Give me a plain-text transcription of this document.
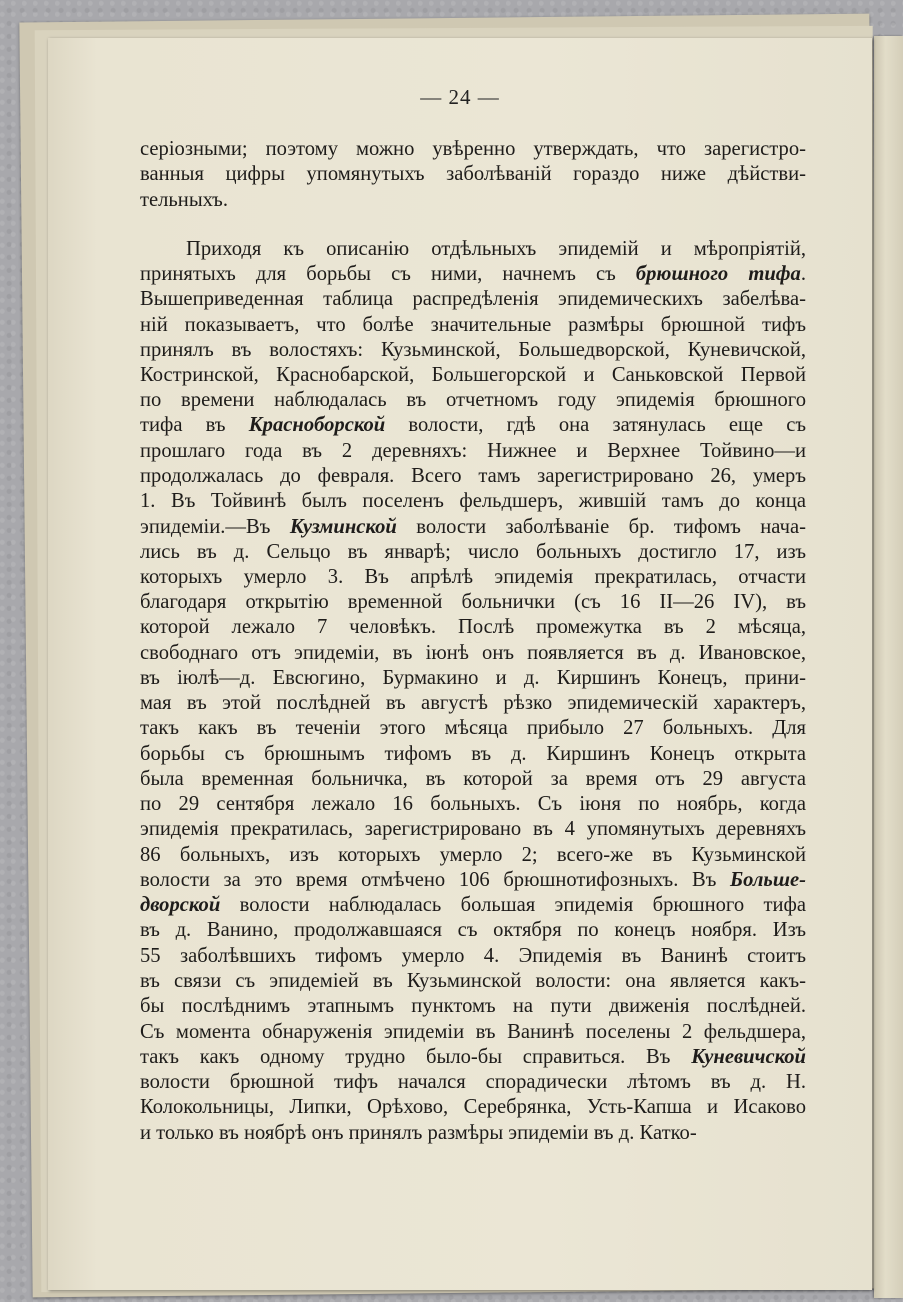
— 24 —
серіозными; поэтому можно увѣренно утверждать, что зарегистро-
ванныя цифры упомянутыхъ заболѣваній гораздо ниже дѣйстви-
тельныхъ.
Приходя къ описанію отдѣльныхъ эпидемій и мѣропріятій,
принятыхъ для борьбы съ ними, начнемъ съ брюшного тифа.
Вышеприведенная таблица распредѣленія эпидемическихъ забелѣва-
ній показываетъ, что болѣе значительные размѣры брюшной тифъ
принялъ въ волостяхъ: Кузьминской, Большедворской, Куневичской,
Костринской, Краснобарской, Большегорской и Саньковской Первой
по времени наблюдалась въ отчетномъ году эпидемія брюшного
тифа въ Краснoборской волости, гдѣ она затянулась еще съ
прошлаго года въ 2 деревняхъ: Нижнее и Верхнее Тойвино—и
продолжалась до февраля. Всего тамъ зарегистрировано 26, умеръ
1. Въ Тойвинѣ былъ поселенъ фельдшеръ, жившій тамъ до конца
эпидеміи.—Въ Кузминской волости заболѣваніе бр. тифомъ нача-
лись въ д. Сельцо въ январѣ; число больныхъ достигло 17, изъ
которыхъ умерло 3. Въ апрѣлѣ эпидемія прекратилась, отчасти
благодаря открытію временной больнички (съ 16 II—26 IV), въ
которой лежало 7 человѣкъ. Послѣ промежутка въ 2 мѣсяца,
свободнаго отъ эпидеміи, въ іюнѣ онъ появляется въ д. Ивановское,
въ іюлѣ—д. Евсюгино, Бурмакино и д. Киршинъ Конецъ, прини-
мая въ этой послѣдней въ августѣ рѣзко эпидемическій характеръ,
такъ какъ въ теченіи этого мѣсяца прибыло 27 больныхъ. Для
борьбы съ брюшнымъ тифомъ въ д. Киршинъ Конецъ открыта
была временная больничка, въ которой за время отъ 29 августа
по 29 сентября лежало 16 больныхъ. Съ іюня по ноябрь, когда
эпидемія прекратилась, зарегистрировано въ 4 упомянутыхъ деревняхъ
86 больныхъ, изъ которыхъ умерло 2; всего-же въ Кузьминской
волости за это время отмѣчено 106 брюшнотифозныхъ. Въ Больше-
дворской волости наблюдалась большая эпидемія брюшного тифа
въ д. Ванино, продолжавшаяся съ октября по конецъ ноября. Изъ
55 заболѣвшихъ тифомъ умерло 4. Эпидемія въ Ванинѣ стоитъ
въ связи съ эпидеміей въ Кузьминской волости: она является какъ-
бы послѣднимъ этапнымъ пунктомъ на пути движенія послѣдней.
Съ момента обнаруженія эпидеміи въ Ванинѣ поселены 2 фельдшера,
такъ какъ одному трудно было-бы справиться. Въ Куневичской
волости брюшной тифъ начался спорадически лѣтомъ въ д. Н.
Колокольницы, Липки, Орѣхово, Серебрянка, Усть-Капша и Исаково
и только въ ноябрѣ онъ принялъ размѣры эпидеміи въ д. Катко-
